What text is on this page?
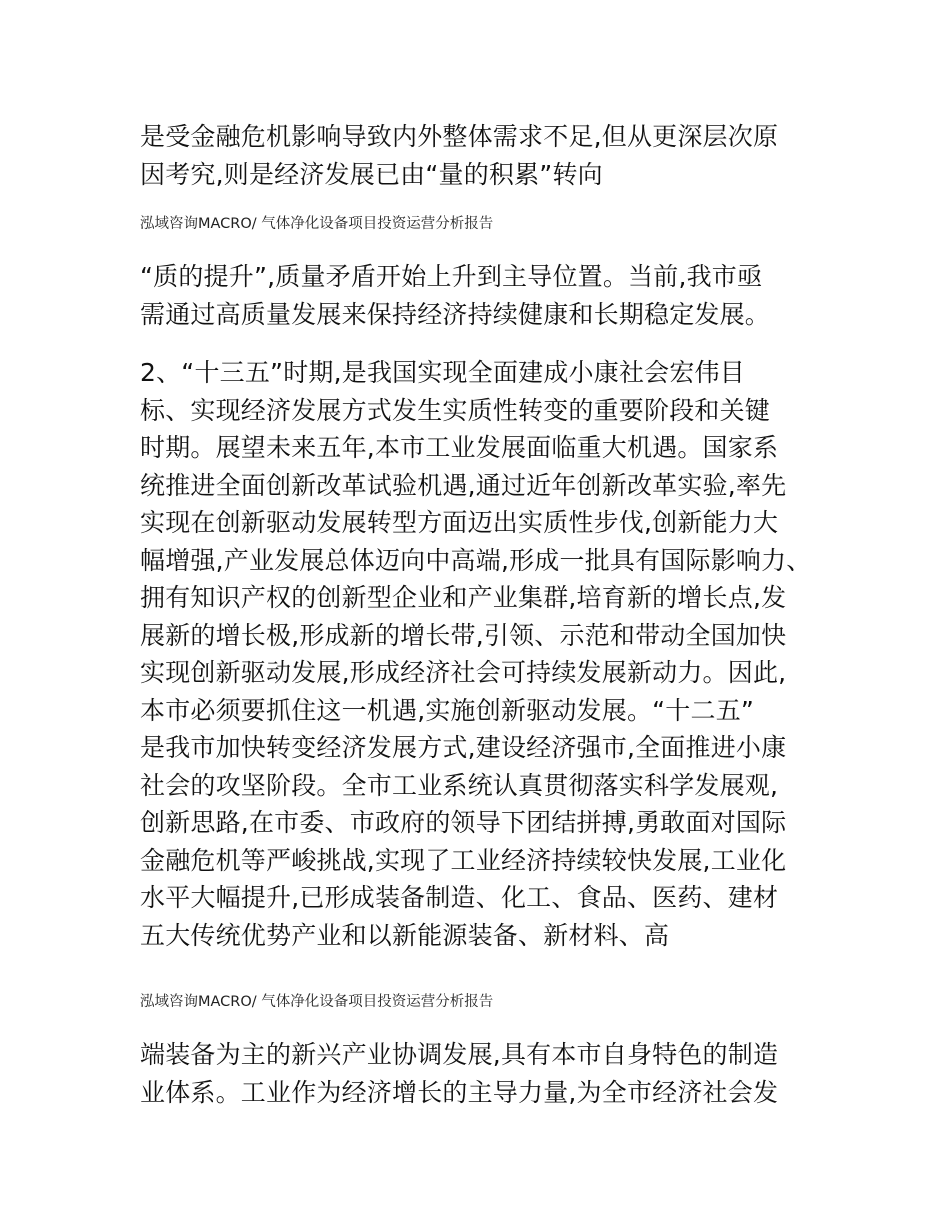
是受金融危机影响导致内外整体需求不足,但从更深层次原
因考究,则是经济发展已由“量的积累”转向
泓域咨询MACRO/ 气体净化设备项目投资运营分析报告
“质的提升”,质量矛盾开始上升到主导位置。当前,我市亟
需通过高质量发展来保持经济持续健康和长期稳定发展。
2、“十三五”时期,是我国实现全面建成小康社会宏伟目
标、实现经济发展方式发生实质性转变的重要阶段和关键
时期。展望未来五年,本市工业发展面临重大机遇。国家系
统推进全面创新改革试验机遇,通过近年创新改革实验,率先
实现在创新驱动发展转型方面迈出实质性步伐,创新能力大
幅增强,产业发展总体迈向中高端,形成一批具有国际影响力、
拥有知识产权的创新型企业和产业集群,培育新的增长点,发
展新的增长极,形成新的增长带,引领、示范和带动全国加快
实现创新驱动发展,形成经济社会可持续发展新动力。因此,
本市必须要抓住这一机遇,实施创新驱动发展。“十二五”
是我市加快转变经济发展方式,建设经济强市,全面推进小康
社会的攻坚阶段。全市工业系统认真贯彻落实科学发展观,
创新思路,在市委、市政府的领导下团结拼搏,勇敢面对国际
金融危机等严峻挑战,实现了工业经济持续较快发展,工业化
水平大幅提升,已形成装备制造、化工、食品、医药、建材
五大传统优势产业和以新能源装备、新材料、高
泓域咨询MACRO/ 气体净化设备项目投资运营分析报告
端装备为主的新兴产业协调发展,具有本市自身特色的制造
业体系。工业作为经济增长的主导力量,为全市经济社会发
